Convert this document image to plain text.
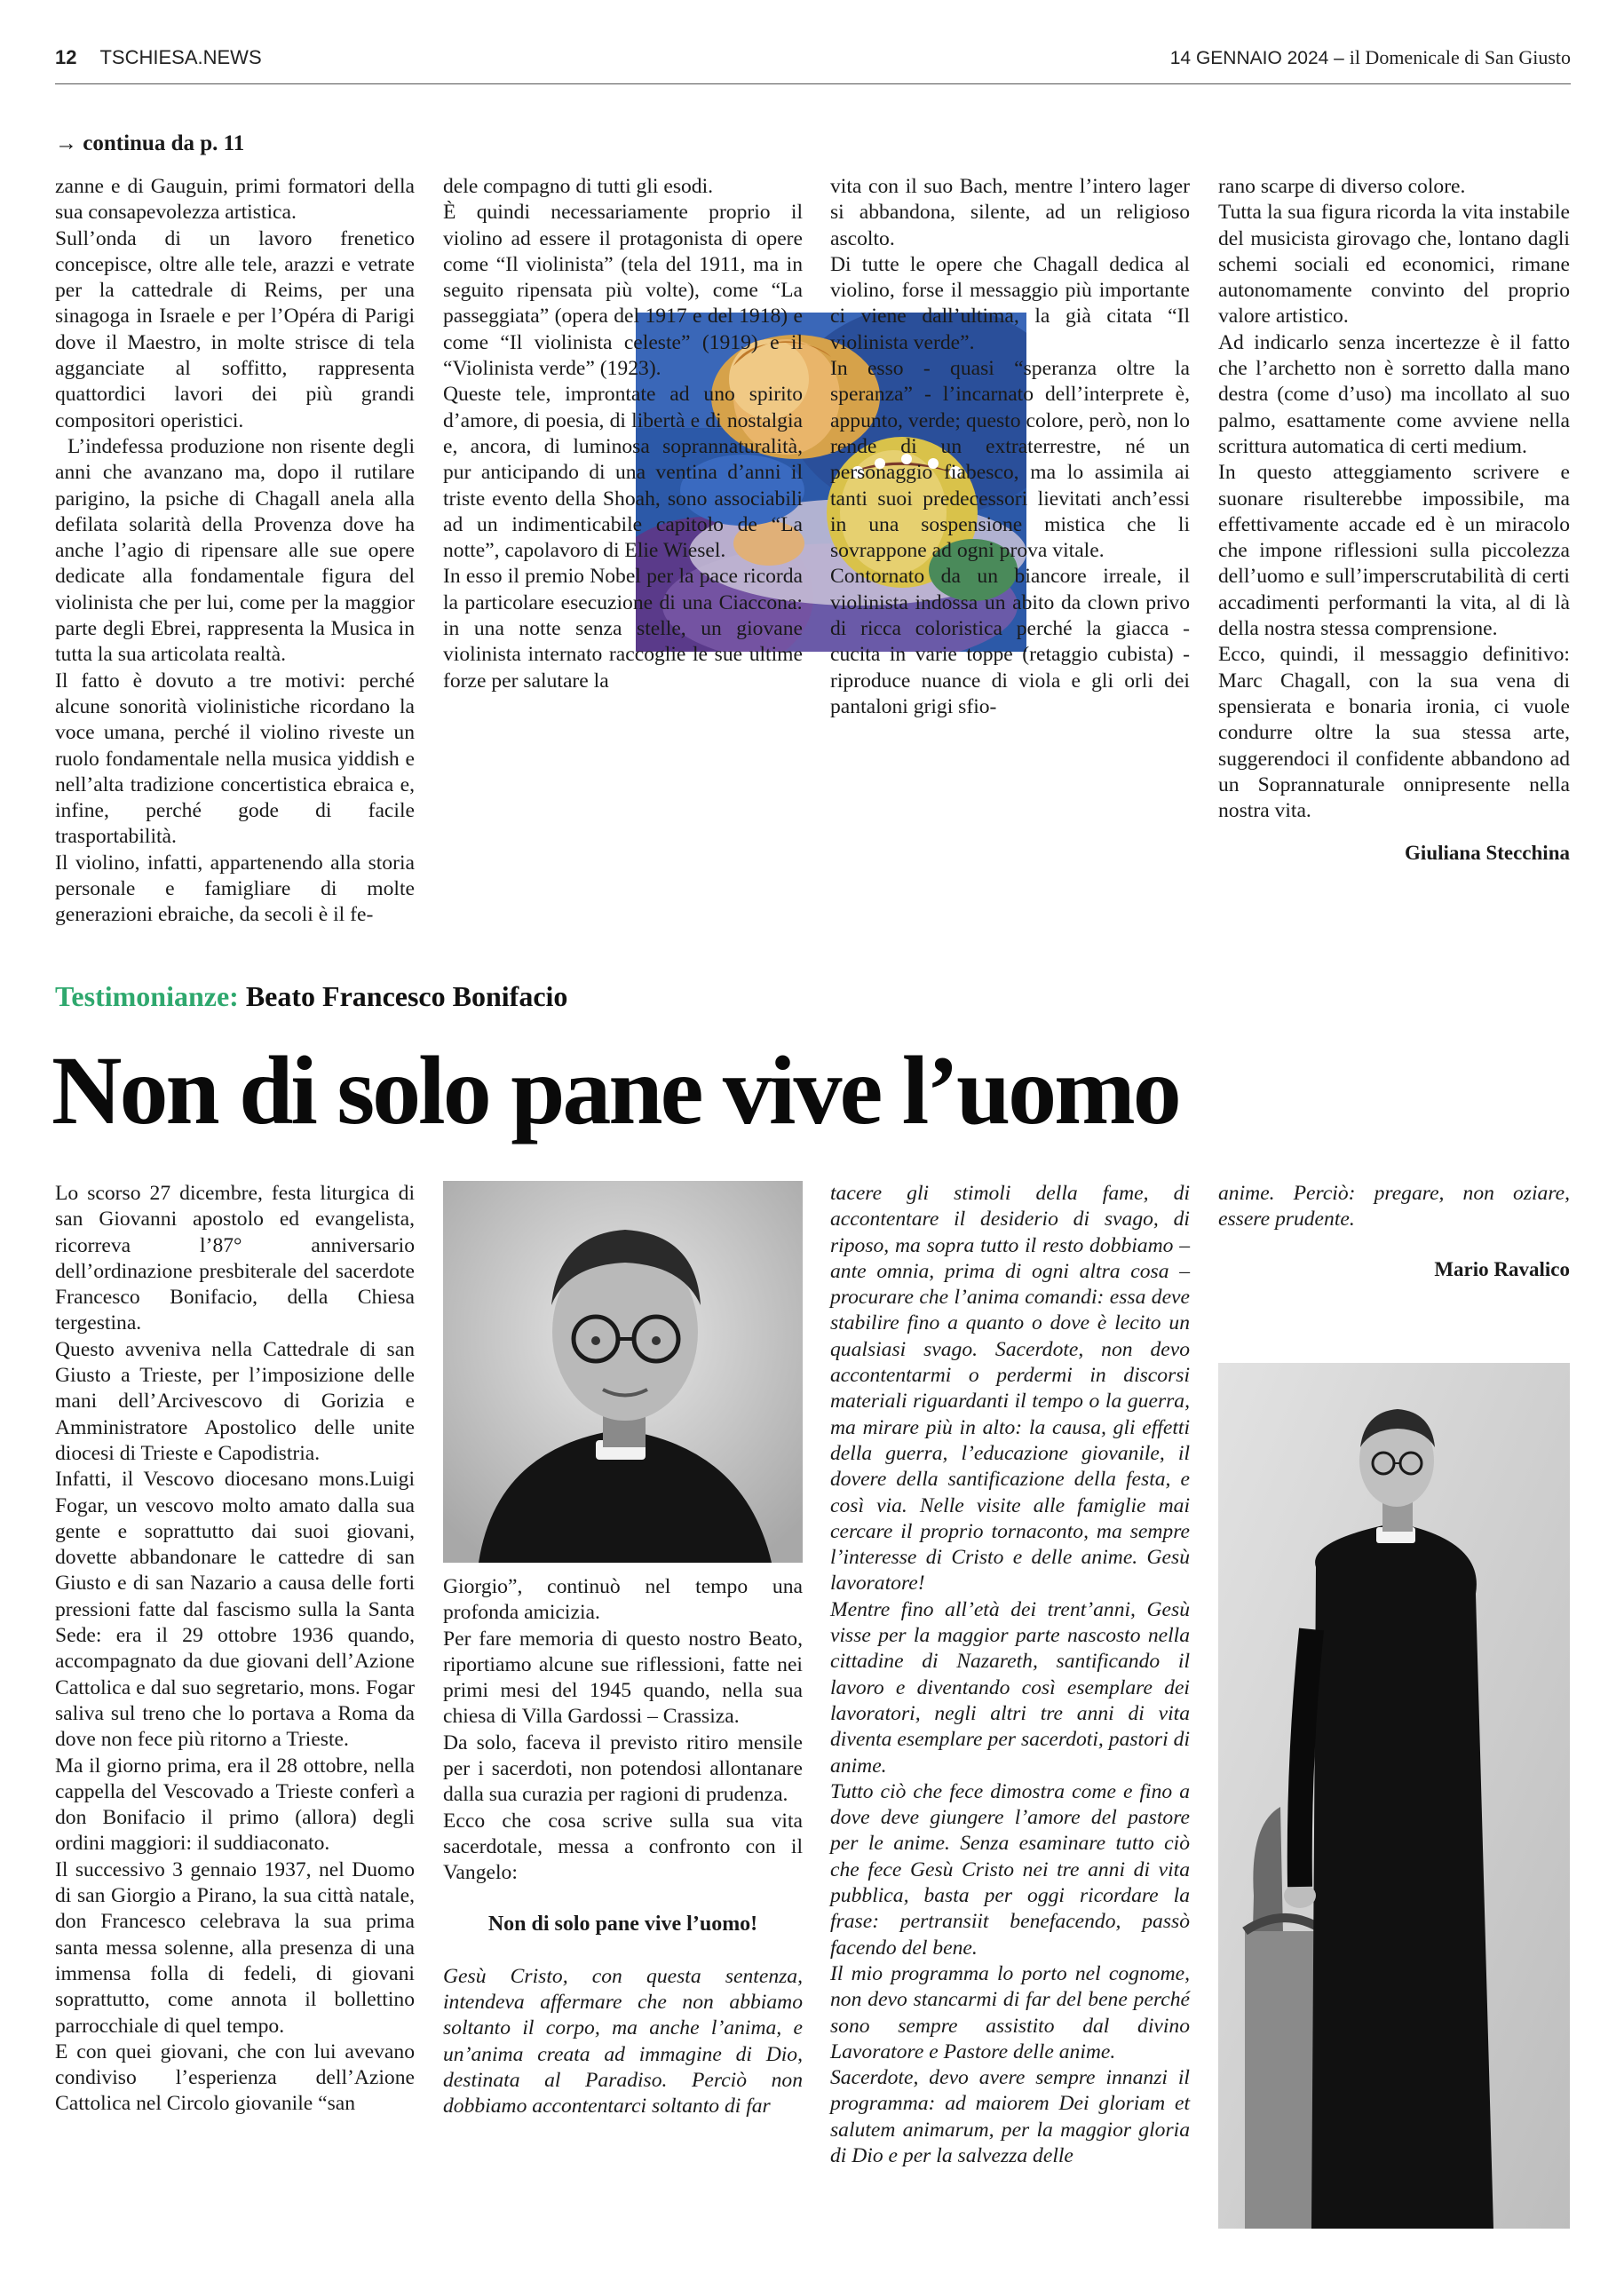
12 TSCHIESA.NEWS	14 GENNAIO 2024 – il Domenicale di San Giusto
→ continua da p. 11

zanne e di Gauguin, primi formatori della sua consapevolezza artistica.

Sull’onda di un lavoro frenetico concepisce, oltre alle tele, arazzi e vetrate per la cattedrale di Reims, per una sinagoga in Israele e per l’Opéra di Parigi dove il Maestro, in molte strisce di tela agganciate al soffitto, rappresenta quattordici lavori dei più grandi compositori operistici.

L’indefessa produzione non risente degli anni che avanzano ma, dopo il rutilare parigino, la psiche di Chagall anela alla defilata solarità della Provenza dove ha anche l’agio di ripensare alle sue opere dedicate alla fondamentale figura del violinista che per lui, come per la maggior parte degli Ebrei, rappresenta la Musica in tutta la sua articolata realtà.

Il fatto è dovuto a tre motivi: perché alcune sonorità violinistiche ricordano la voce umana, perché il violino riveste un ruolo fondamentale nella musica yiddish e nell’alta tradizione concertistica ebraica e, infine, perché gode di facile trasportabilità.

Il violino, infatti, appartenendo alla storia personale e famigliare di molte generazioni ebraiche, da secoli è il fe-

dele compagno di tutti gli esodi.

È quindi necessariamente proprio il violino ad essere il protagonista di opere come “Il violinista” (tela del 1911, ma in seguito ripensata più volte), come “La passeggiata” (opera del 1917 e del 1918) e come “Il violinista celeste” (1919) e il “Violinista verde” (1923).

Queste tele, improntate ad uno spirito d’amore, di poesia, di libertà e di nostalgia e, ancora, di luminosa soprannaturalità, pur anticipando di una ventina d’anni il triste evento della Shoah, sono associabili ad un indimenticabile capitolo de “La notte”, capolavoro di Elie Wiesel.

In esso il premio Nobel per la pace ricorda la particolare esecuzione di una Ciaccona: in una notte senza stelle, un giovane violinista internato raccoglie le sue ultime forze per salutare la

vita con il suo Bach, mentre l’intero lager si abbandona, silente, ad un religioso ascolto.

Di tutte le opere che Chagall dedica al violino, forse il messaggio più importante ci viene dall’ultima, la già citata “Il violinista verde”.

In esso - quasi “speranza oltre la speranza” - l’incarnato dell’interprete è, appunto, verde; questo colore, però, non lo rende di un extraterrestre, né un personaggio fiabesco, ma lo assimila ai tanti suoi predecessori lievitati anch’essi in una sospensione mistica che li sovrappone ad ogni prova vitale.

Contornato da un biancore irreale, il violinista indossa un abito da clown privo di ricca coloristica perché la giacca - cucita in varie toppe (retaggio cubista) - riproduce nuance di viola e gli orli dei pantaloni grigi sfio-

rano scarpe di diverso colore.

Tutta la sua figura ricorda la vita instabile del musicista girovago che, lontano dagli schemi sociali ed economici, rimane autonomamente convinto del proprio valore artistico.

Ad indicarlo senza incertezze è il fatto che l’archetto non è sorretto dalla mano destra (come d’uso) ma incollato al suo palmo, esattamente come avviene nella scrittura automatica di certi medium.

In questo atteggiamento scrivere e suonare risulterebbe impossibile, ma effettivamente accade ed è un miracolo che impone riflessioni sulla piccolezza dell’uomo e sull’imperscrutabilità di certi accadimenti performanti la vita, al di là della nostra stessa comprensione.

Ecco, quindi, il messaggio definitivo: Marc Chagall, con la sua vena di spensierata e bonaria ironia, ci vuole condurre oltre la sua stessa arte, suggerendoci il confidente abbandono ad un Soprannaturale onnipresente nella nostra vita.

Giuliana Stecchina

Testimonianze: Beato Francesco Bonifacio
Non di solo pane vive l’uomo

Lo scorso 27 dicembre, festa liturgica di san Giovanni apostolo ed evangelista, ricorreva l’87° anniversario dell’ordinazione presbiterale del sacerdote Francesco Bonifacio, della Chiesa tergestina.

Questo avveniva nella Cattedrale di san Giusto a Trieste, per l’imposizione delle mani dell’Arcivescovo di Gorizia e Amministratore Apostolico delle unite diocesi di Trieste e Capodistria.

Infatti, il Vescovo diocesano mons.Luigi Fogar, un vescovo molto amato dalla sua gente e soprattutto dai suoi giovani, dovette abbandonare le cattedre di san Giusto e di san Nazario a causa delle forti pressioni fatte dal fascismo sulla la Santa Sede: era il 29 ottobre 1936 quando, accompagnato da due giovani dell’Azione Cattolica e dal suo segretario, mons. Fogar saliva sul treno che lo portava a Roma da dove non fece più ritorno a Trieste.

Ma il giorno prima, era il 28 ottobre, nella cappella del Vescovado a Trieste conferì a don Bonifacio il primo (allora) degli ordini maggiori: il suddiaconato.

Il successivo 3 gennaio 1937, nel Duomo di san Giorgio a Pirano, la sua città natale, don Francesco celebrava la sua prima santa messa solenne, alla presenza di una immensa folla di fedeli, di giovani soprattutto, come annota il bollettino parrocchiale di quel tempo.

E con quei giovani, che con lui avevano condiviso l’esperienza dell’Azione Cattolica nel Circolo giovanile “san

Giorgio”, continuò nel tempo una profonda amicizia.

Per fare memoria di questo nostro Beato, riportiamo alcune sue riflessioni, fatte nei primi mesi del 1945 quando, nella sua chiesa di Villa Gardossi – Crassiza.

Da solo, faceva il previsto ritiro mensile per i sacerdoti, non potendosi allontanare dalla sua curazia per ragioni di prudenza.

Ecco che cosa scrive sulla sua vita sacerdotale, messa a confronto con il Vangelo:

Non di solo pane vive l’uomo!

Gesù Cristo, con questa sentenza, intendeva affermare che non abbiamo soltanto il corpo, ma anche l’anima, e un’anima creata ad immagine di Dio, destinata al Paradiso. Perciò non dobbiamo accontentarci soltanto di far

tacere gli stimoli della fame, di accontentare il desiderio di svago, di riposo, ma sopra tutto il resto dobbiamo – ante omnia, prima di ogni altra cosa – procurare che l’anima comandi: essa deve stabilire fino a quanto o dove è lecito un qualsiasi svago. Sacerdote, non devo accontentarmi o perdermi in discorsi materiali riguardanti il tempo o la guerra, ma mirare più in alto: la causa, gli effetti della guerra, l’educazione giovanile, il dovere della santificazione della festa, e così via. Nelle visite alle famiglie mai cercare il proprio tornaconto, ma sempre l’interesse di Cristo e delle anime. Gesù lavoratore!

Mentre fino all’età dei trent’anni, Gesù visse per la maggior parte nascosto nella cittadine di Nazareth, santificando il lavoro e diventando così esemplare dei lavoratori, negli altri tre anni di vita diventa esemplare per sacerdoti, pastori di anime.

Tutto ciò che fece dimostra come e fino a dove deve giungere l’amore del pastore per le anime. Senza esaminare tutto ciò che fece Gesù Cristo nei tre anni di vita pubblica, basta per oggi ricordare la frase: pertransiit benefacendo, passò facendo del bene.

Il mio programma lo porto nel cognome, non devo stancarmi di far del bene perché sono sempre assistito dal divino Lavoratore e Pastore delle anime.

Sacerdote, devo avere sempre innanzi il programma: ad maiorem Dei gloriam et salutem animarum, per la maggior gloria di Dio e per la salvezza delle

anime. Perciò: pregare, non oziare, essere prudente.

Mario Ravalico
